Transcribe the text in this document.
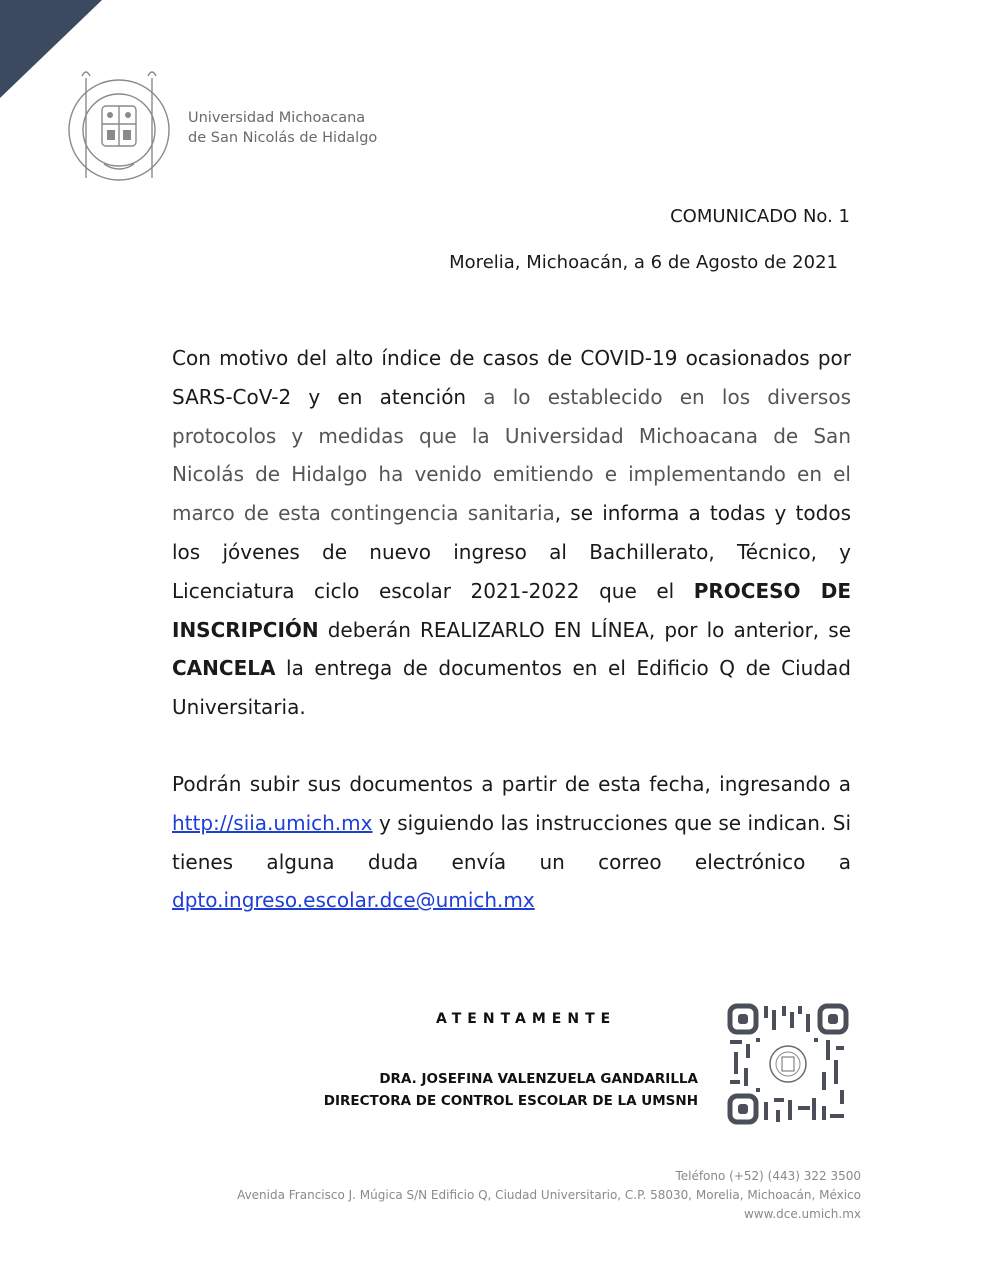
Universidad Michoacana
de San Nicolás de Hidalgo
COMUNICADO No. 1
Morelia, Michoacán, a 6 de Agosto de 2021

Con motivo del alto índice de casos de COVID-19 ocasionados por SARS-CoV-2 y en atención a lo establecido en los diversos protocolos y medidas que la Universidad Michoacana de San Nicolás de Hidalgo ha venido emitiendo e implementando en el marco de esta contingencia sanitaria, se informa a todas y todos los jóvenes de nuevo ingreso al Bachillerato, Técnico, y Licenciatura ciclo escolar 2021-2022 que el PROCESO DE INSCRIPCIÓN deberán REALIZARLO EN LÍNEA, por lo anterior, se CANCELA la entrega de documentos en el Edificio Q de Ciudad Universitaria.

Podrán subir sus documentos a partir de esta fecha, ingresando a http://siia.umich.mx y siguiendo las instrucciones que se indican. Si tienes alguna duda envía un correo electrónico a dpto.ingreso.escolar.dce@umich.mx

ATENTAMENTE
DRA. JOSEFINA VALENZUELA GANDARILLA
DIRECTORA DE CONTROL ESCOLAR DE LA UMSNH
Teléfono (+52) (443) 322 3500
Avenida Francisco J. Múgica S/N Edificio Q, Ciudad Universitario, C.P. 58030, Morelia, Michoacán, México
www.dce.umich.mx
